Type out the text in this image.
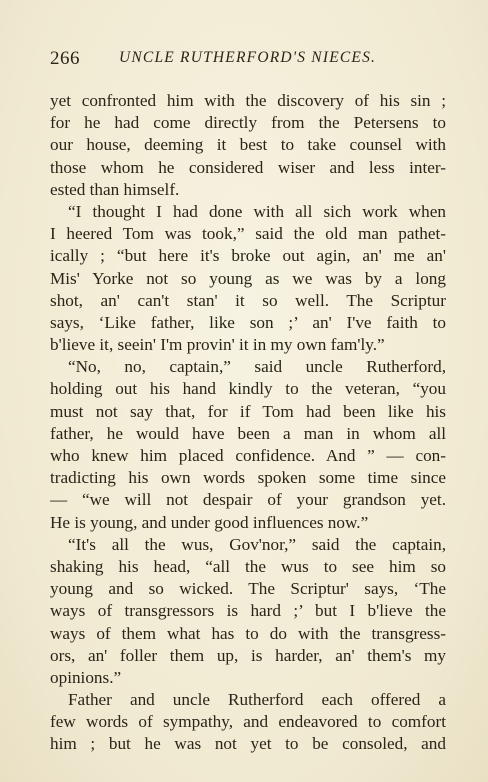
266	UNCLE RUTHERFORD'S NIECES.
yet confronted him with the discovery of his sin ;
for he had come directly from the Petersens to
our house, deeming it best to take counsel with
those whom he considered wiser and less inter-
ested than himself.
“I thought I had done with all sich work when
I heered Tom was took,” said the old man pathet-
ically ; “but here it's broke out agin, an' me an'
Mis' Yorke not so young as we was by a long
shot, an' can't stan' it so well. The Scriptur
says, ‘Like father, like son ;’ an' I've faith to
b'lieve it, seein' I'm provin' it in my own fam'ly.”
“No, no, captain,” said uncle Rutherford,
holding out his hand kindly to the veteran, “you
must not say that, for if Tom had been like his
father, he would have been a man in whom all
who knew him placed confidence. And ” — con-
tradicting his own words spoken some time since
— “we will not despair of your grandson yet.
He is young, and under good influences now.”
“It's all the wus, Gov'nor,” said the captain,
shaking his head, “all the wus to see him so
young and so wicked. The Scriptur' says, ‘The
ways of transgressors is hard ;’ but I b'lieve the
ways of them what has to do with the transgress-
ors, an' foller them up, is harder, an' them's my
opinions.”
Father and uncle Rutherford each offered a
few words of sympathy, and endeavored to comfort
him ; but he was not yet to be consoled, and
